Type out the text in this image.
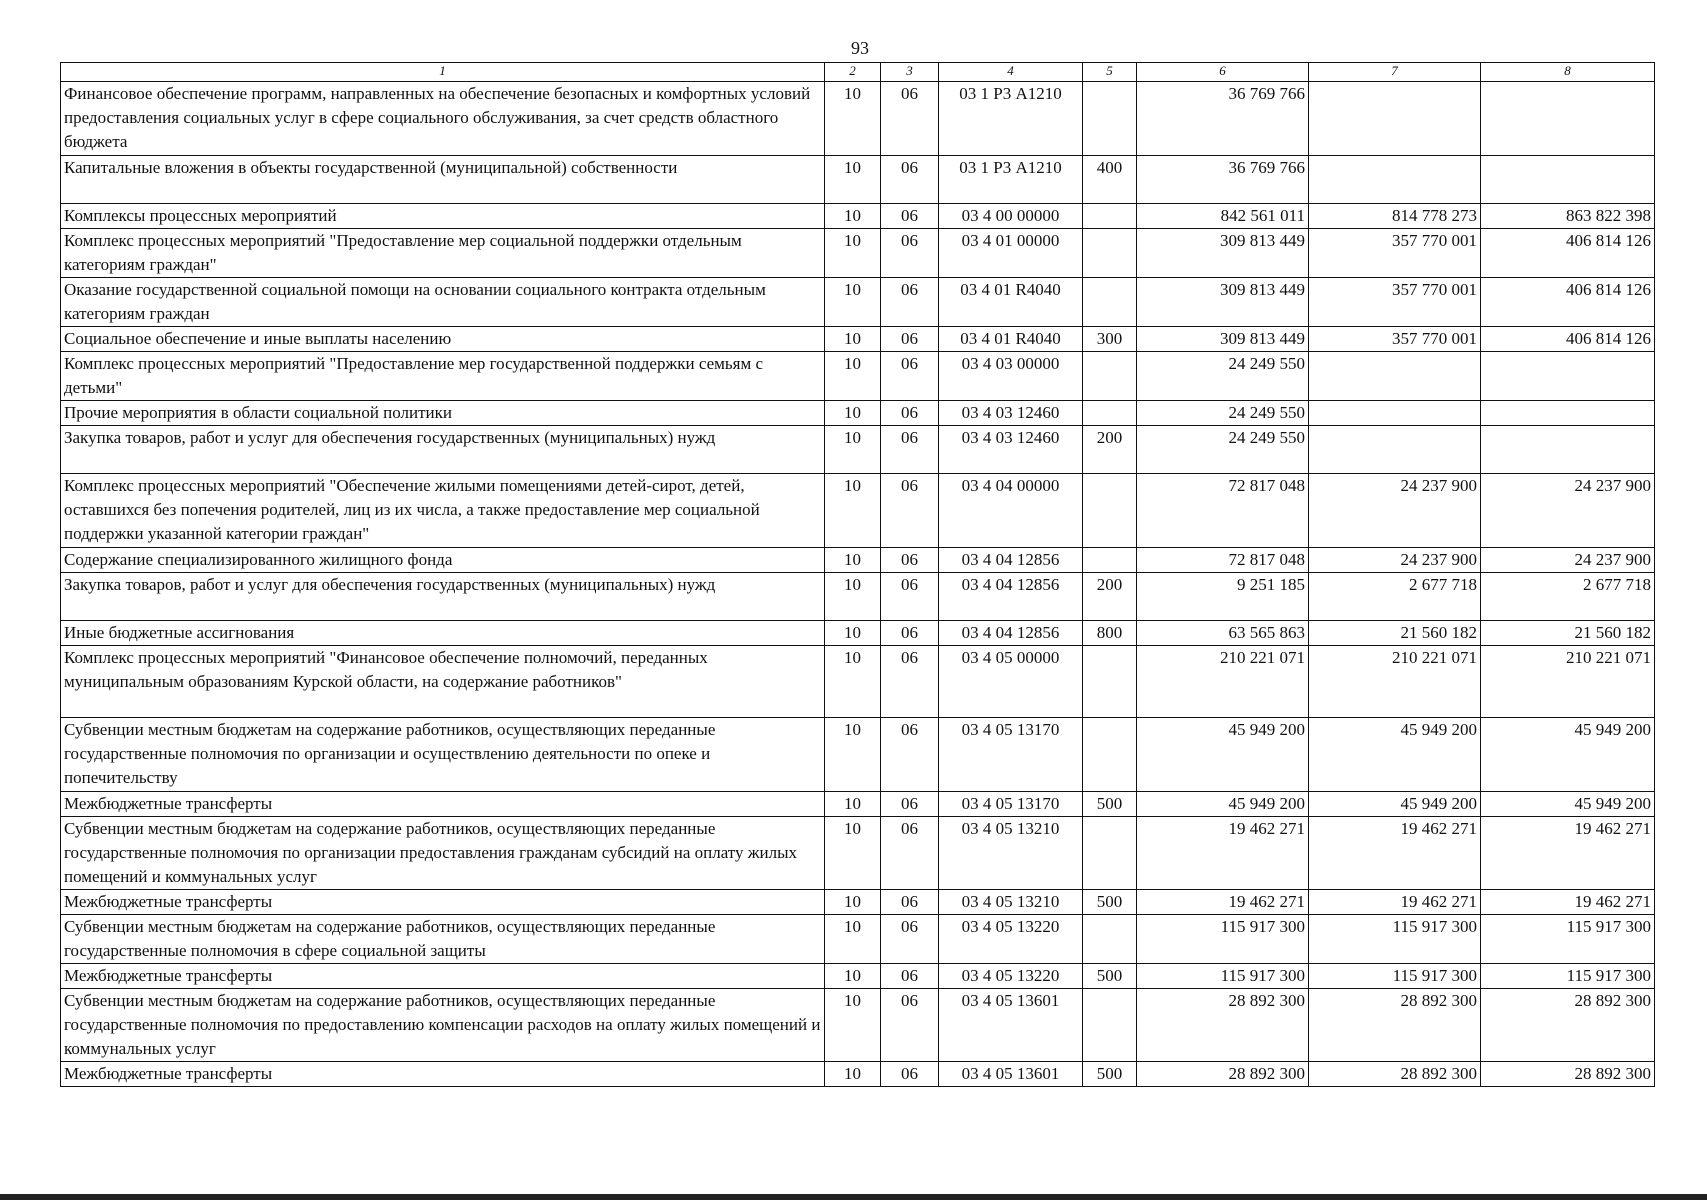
93
1	2	3	4	5	6	7	8
Финансовое обеспечение программ, направленных на обеспечение безопасных и комфортных условий предоставления социальных услуг в сфере социального обслуживания, за счет средств областного бюджета	10	06	03 1 Р3 А1210		36 769 766		
Капитальные вложения в объекты государственной (муниципальной) собственности	10	06	03 1 Р3 А1210	400	36 769 766		
Комплексы процессных мероприятий	10	06	03 4 00 00000		842 561 011	814 778 273	863 822 398
Комплекс процессных мероприятий "Предоставление мер социальной поддержки отдельным категориям граждан"	10	06	03 4 01 00000		309 813 449	357 770 001	406 814 126
Оказание государственной социальной помощи на основании социального контракта отдельным категориям граждан	10	06	03 4 01 R4040		309 813 449	357 770 001	406 814 126
Социальное обеспечение и иные выплаты населению	10	06	03 4 01 R4040	300	309 813 449	357 770 001	406 814 126
Комплекс процессных мероприятий "Предоставление мер государственной поддержки семьям с детьми"	10	06	03 4 03 00000		24 249 550		
Прочие мероприятия в области социальной политики	10	06	03 4 03 12460		24 249 550		
Закупка товаров, работ и услуг для обеспечения государственных (муниципальных) нужд	10	06	03 4 03 12460	200	24 249 550		
Комплекс процессных мероприятий "Обеспечение жилыми помещениями детей-сирот, детей, оставшихся без попечения родителей, лиц из их числа, а также предоставление мер социальной поддержки указанной категории граждан"	10	06	03 4 04 00000		72 817 048	24 237 900	24 237 900
Содержание специализированного жилищного фонда	10	06	03 4 04 12856		72 817 048	24 237 900	24 237 900
Закупка товаров, работ и услуг для обеспечения государственных (муниципальных) нужд	10	06	03 4 04 12856	200	9 251 185	2 677 718	2 677 718
Иные бюджетные ассигнования	10	06	03 4 04 12856	800	63 565 863	21 560 182	21 560 182
Комплекс процессных мероприятий "Финансовое обеспечение полномочий, переданных муниципальным образованиям Курской области, на содержание работников"	10	06	03 4 05 00000		210 221 071	210 221 071	210 221 071
Субвенции местным бюджетам на содержание работников, осуществляющих переданные государственные полномочия по организации и осуществлению деятельности по опеке и попечительству	10	06	03 4 05 13170		45 949 200	45 949 200	45 949 200
Межбюджетные трансферты	10	06	03 4 05 13170	500	45 949 200	45 949 200	45 949 200
Субвенции местным бюджетам на содержание работников, осуществляющих переданные государственные полномочия по организации предоставления гражданам субсидий на оплату жилых помещений и коммунальных услуг	10	06	03 4 05 13210		19 462 271	19 462 271	19 462 271
Межбюджетные трансферты	10	06	03 4 05 13210	500	19 462 271	19 462 271	19 462 271
Субвенции местным бюджетам на содержание работников, осуществляющих переданные государственные полномочия в сфере социальной защиты	10	06	03 4 05 13220		115 917 300	115 917 300	115 917 300
Межбюджетные трансферты	10	06	03 4 05 13220	500	115 917 300	115 917 300	115 917 300
Субвенции местным бюджетам на содержание работников, осуществляющих переданные государственные полномочия по предоставлению компенсации расходов на оплату жилых помещений и коммунальных услуг	10	06	03 4 05 13601		28 892 300	28 892 300	28 892 300
Межбюджетные трансферты	10	06	03 4 05 13601	500	28 892 300	28 892 300	28 892 300
